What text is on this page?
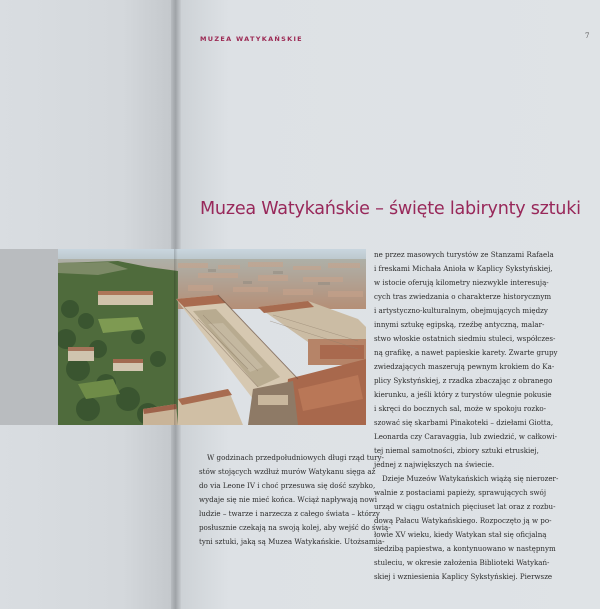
MUZEA WATYKAŃSKIE	7
Muzea Watykańskie – święte labirynty sztuki
W godzinach przedpołudniowych długi rząd tury-
stów stojących wzdłuż murów Watykanu sięga aż
do via Leone IV i choć przesuwa się dość szybko,
wydaje się nie mieć końca. Wciąż napływają nowi
ludzie – twarze i narzecza z całego świata – którzy
posłusznie czekają na swoją kolej, aby wejść do świą-
tyni sztuki, jaką są Muzea Watykańskie. Utożsamia-
ne przez masowych turystów ze Stanzami Rafaela
i freskami Michała Anioła w Kaplicy Sykstyńskiej,
w istocie oferują kilometry niezwykle interesują-
cych tras zwiedzania o charakterze historycznym
i artystyczno-kulturalnym, obejmujących między
innymi sztukę egipską, rzeźbę antyczną, malar-
stwo włoskie ostatnich siedmiu stuleci, współczes-
ną grafikę, a nawet papieskie karety. Zwarte grupy
zwiedzających maszerują pewnym krokiem do Ka-
plicy Sykstyńskiej, z rzadka zbaczając z obranego
kierunku, a jeśli który z turystów ulegnie pokusie
i skręci do bocznych sal, może w spokoju rozko-
szować się skarbami Pinakoteki – dziełami Giotta,
Leonarda czy Caravaggia, lub zwiedzić, w całkowi-
tej niemal samotności, zbiory sztuki etruskiej,
jednej z największych na świecie.
Dzieje Muzeów Watykańskich wiążą się nierozer-
walnie z postaciami papieży, sprawujących swój
urząd w ciągu ostatnich pięciuset lat oraz z rozbu-
dową Pałacu Watykańskiego. Rozpoczęto ją w po-
łowie XV wieku, kiedy Watykan stał się oficjalną
siedzibą papiestwa, a kontynuowano w następnym
stuleciu, w okresie założenia Biblioteki Watykań-
skiej i wzniesienia Kaplicy Sykstyńskiej. Pierwsze
